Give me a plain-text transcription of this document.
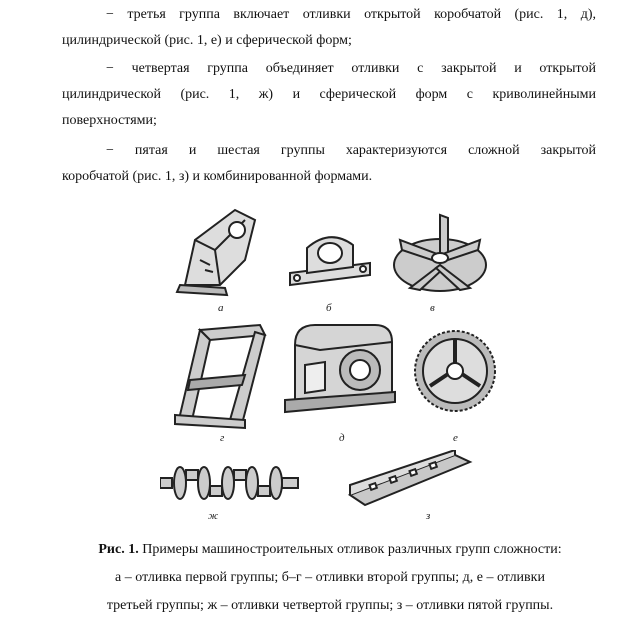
− третья группа включает отливки открытой коробчатой (рис. 1, д),
цилиндрической (рис. 1, е) и сферической форм;
− четвертая группа объединяет отливки с закрытой и открытой
цилиндрической (рис. 1, ж) и сферической форм с криволинейными
поверхностями;
− пятая и шестая группы характеризуются сложной закрытой
коробчатой (рис. 1, з) и комбинированной формами.
а	б	в
г	д	е
ж	з
Рис. 1. Примеры машиностроительных отливок различных групп сложности:
а – отливка первой группы; б–г – отливки второй группы; д, е – отливки
третьей группы; ж – отливки четвертой группы; з – отливки пятой группы.
